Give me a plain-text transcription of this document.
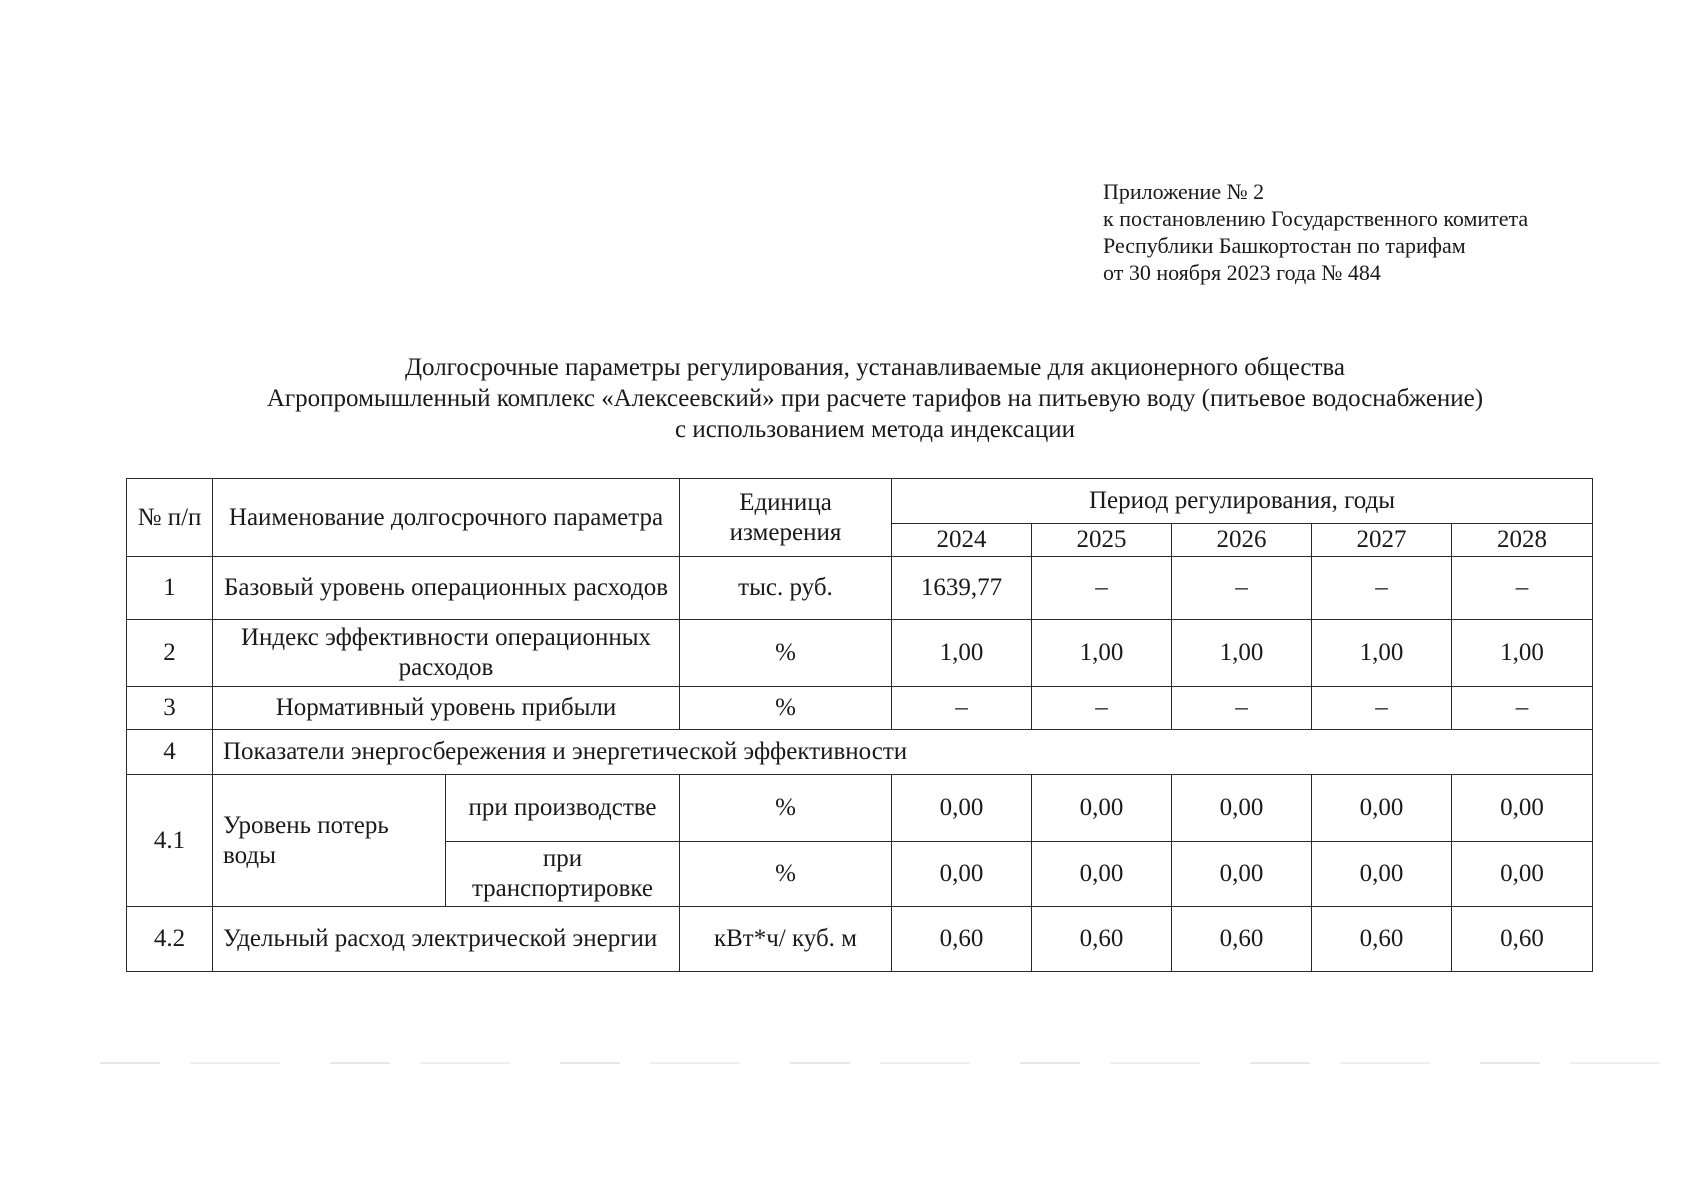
Приложение № 2
к постановлению Государственного комитета
Республики Башкортостан по тарифам
от 30 ноября 2023 года № 484
Долгосрочные параметры регулирования, устанавливаемые для акционерного общества
Агропромышленный комплекс «Алексеевский» при расчете тарифов на питьевую воду (питьевое водоснабжение)
с использованием метода индексации
№ п/п	Наименование долгосрочного параметра		Единица измерения	Период регулирования, годы				
				2024	2025	2026	2027	2028
1	Базовый уровень операционных расходов		тыс. руб.	1639,77	–	–	–	–
2	Индекс эффективности операционных расходов		%	1,00	1,00	1,00	1,00	1,00
3	Нормативный уровень прибыли		%	–	–	–	–	–
4	Показатели энергосбережения и энергетической эффективности							
4.1	Уровень потерь воды	при производстве	%	0,00	0,00	0,00	0,00	0,00
		при транспортировке	%	0,00	0,00	0,00	0,00	0,00
4.2	Удельный расход электрической энергии		кВт*ч/ куб. м	0,60	0,60	0,60	0,60	0,60
